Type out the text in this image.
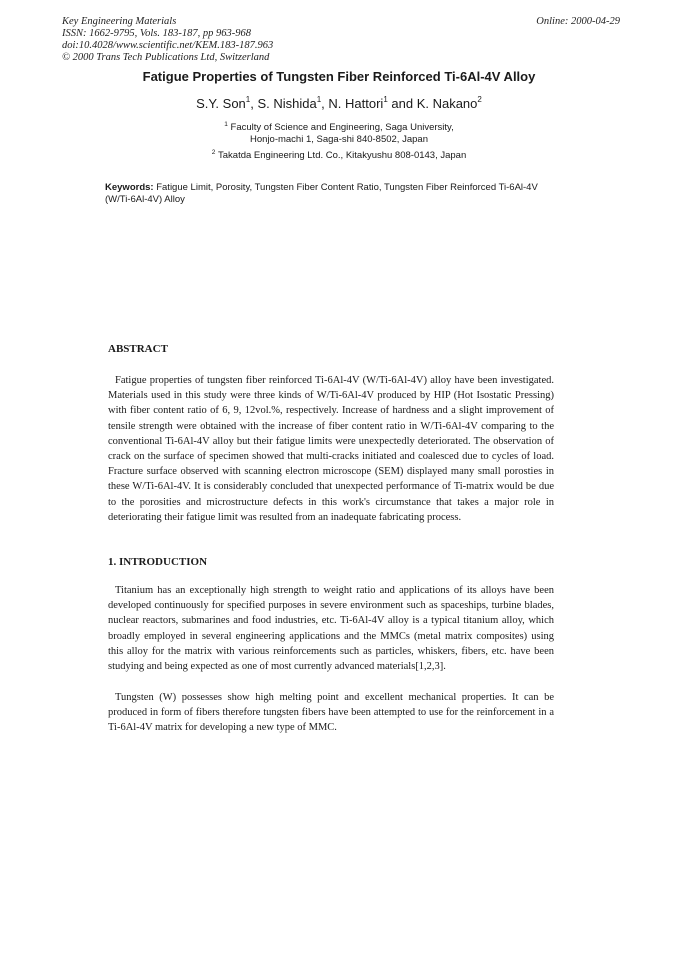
Key Engineering Materials
ISSN: 1662-9795, Vols. 183-187, pp 963-968
doi:10.4028/www.scientific.net/KEM.183-187.963
© 2000 Trans Tech Publications Ltd, Switzerland
Online: 2000-04-29
Fatigue Properties of Tungsten Fiber Reinforced Ti-6Al-4V Alloy
S.Y. Son$^1$, S. Nishida$^1$, N. Hattori$^1$ and K. Nakano$^2$
$^1$ Faculty of Science and Engineering, Saga University,
Honjo-machi 1, Saga-shi 840-8502, Japan
$^2$ Takatda Engineering Ltd. Co., Kitakyushu 808-0143, Japan
Keywords: Fatigue Limit, Porosity, Tungsten Fiber Content Ratio, Tungsten Fiber Reinforced Ti-6Al-4V (W/Ti-6Al-4V) Alloy
ABSTRACT

Fatigue properties of tungsten fiber reinforced Ti-6Al-4V (W/Ti-6Al-4V) alloy have been investigated. Materials used in this study were three kinds of W/Ti-6Al-4V produced by HIP (Hot Isostatic Pressing) with fiber content ratio of 6, 9, 12vol.%, respectively. Increase of hardness and a slight improvement of tensile strength were obtained with the increase of fiber content ratio in W/Ti-6Al-4V comparing to the conventional Ti-6Al-4V alloy but their fatigue limits were unexpectedly deteriorated. The observation of crack on the surface of specimen showed that multi-cracks initiated and coalesced due to cycles of load. Fracture surface observed with scanning electron microscope (SEM) displayed many small porosties in these W/Ti-6Al-4V. It is considerably concluded that unexpected performance of Ti-matrix would be due to the porosities and microstructure defects in this work's circumstance that takes a major role in deteriorating their fatigue limit was resulted from an inadequate fabricating process.

1. INTRODUCTION

Titanium has an exceptionally high strength to weight ratio and applications of its alloys have been developed continuously for specified purposes in severe environment such as spaceships, turbine blades, nuclear reactors, submarines and food industries, etc. Ti-6Al-4V alloy is a typical titanium alloy, which broadly employed in several engineering applications and the MMCs (metal matrix composites) using this alloy for the matrix with various reinforcements such as particles, whiskers, fibers, etc. have been studying and being expected as one of most currently advanced materials[1,2,3].

Tungsten (W) possesses show high melting point and excellent mechanical properties. It can be produced in form of fibers therefore tungsten fibers have been attempted to use for the reinforcement in a Ti-6Al-4V matrix for developing a new type of MMC.
